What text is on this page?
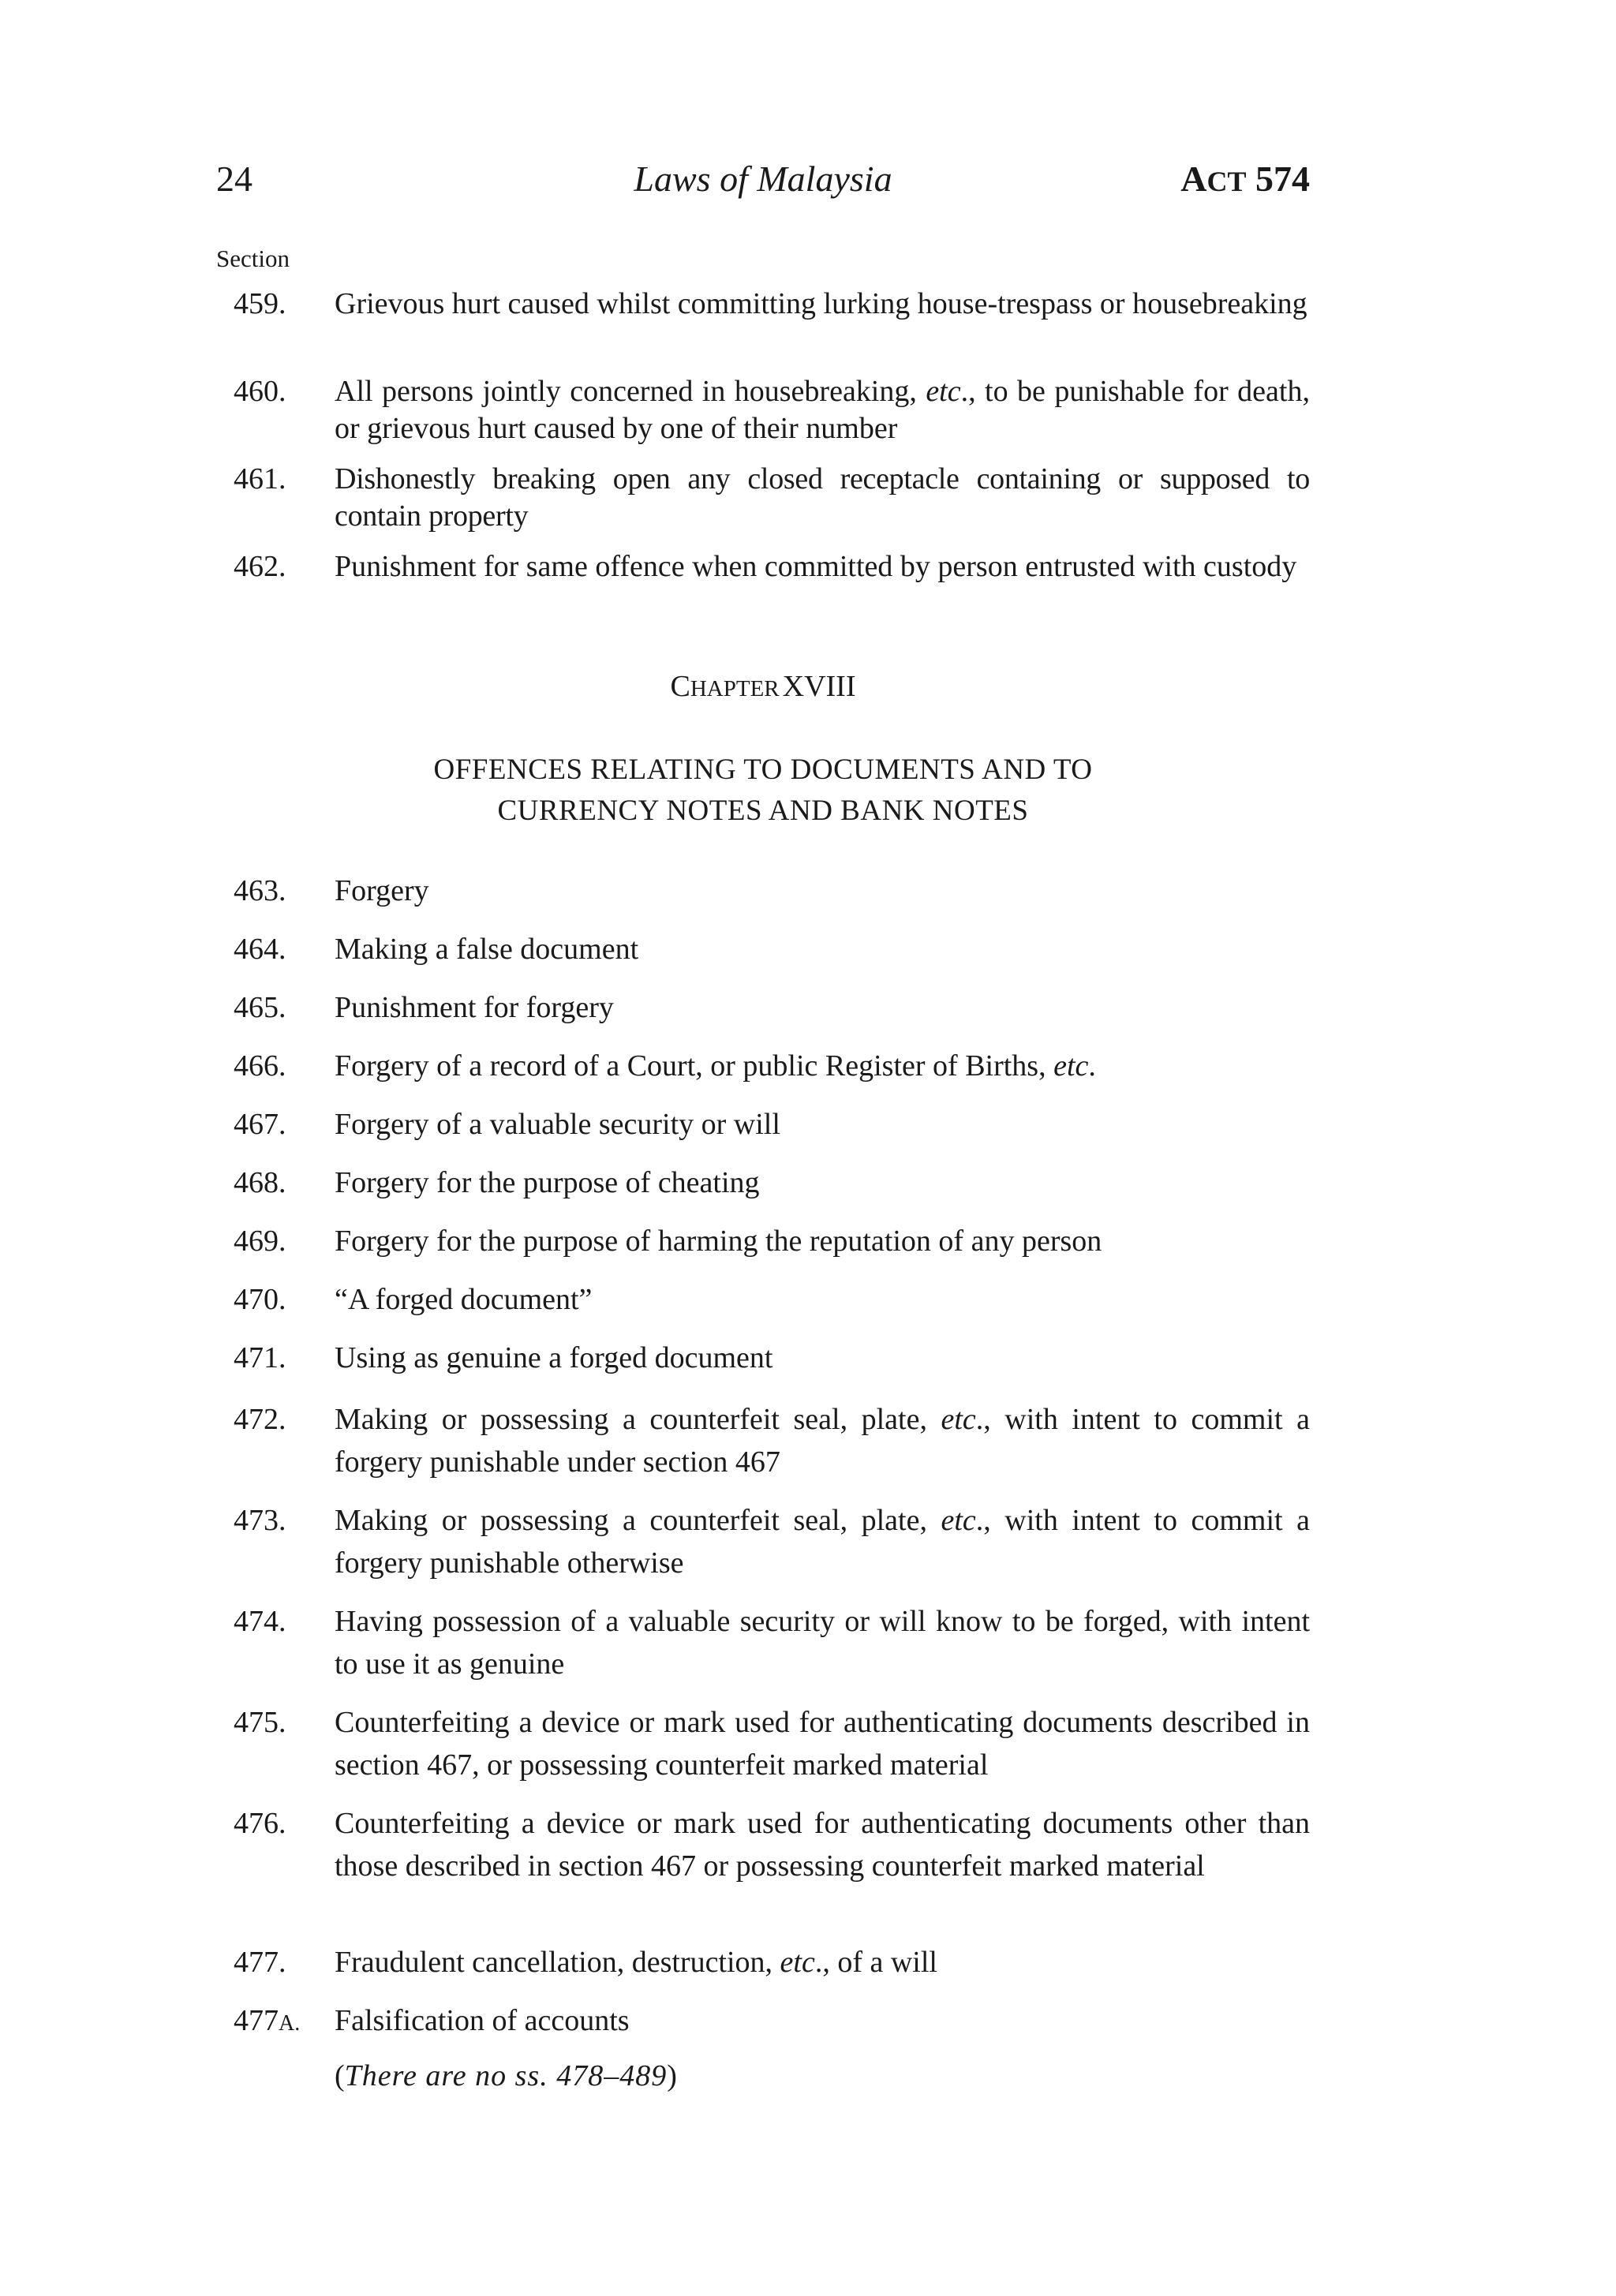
24	Laws of Malaysia	ACT 574
Section
459.	Grievous hurt caused whilst committing lurking house-trespass or housebreaking
460.	All persons jointly concerned in housebreaking, etc., to be punishable for death, or grievous hurt caused by one of their number
461.	Dishonestly breaking open any closed receptacle containing or supposed to contain property
462.	Punishment for same offence when committed by person entrusted with custody
CHAPTER XVIII
OFFENCES RELATING TO DOCUMENTS AND TO
CURRENCY NOTES AND BANK NOTES
463.	Forgery
464.	Making a false document
465.	Punishment for forgery
466.	Forgery of a record of a Court, or public Register of Births, etc.
467.	Forgery of a valuable security or will
468.	Forgery for the purpose of cheating
469.	Forgery for the purpose of harming the reputation of any person
470.	“A forged document”
471.	Using as genuine a forged document
472.	Making or possessing a counterfeit seal, plate, etc., with intent to commit a forgery punishable under section 467
473.	Making or possessing a counterfeit seal, plate, etc., with intent to commit a forgery punishable otherwise
474.	Having possession of a valuable security or will know to be forged, with intent to use it as genuine
475.	Counterfeiting a device or mark used for authenticating documents described in section 467, or possessing counterfeit marked material
476.	Counterfeiting a device or mark used for authenticating documents other than those described in section 467 or possessing counterfeit marked material
477.	Fraudulent cancellation, destruction, etc., of a will
477A.	Falsification of accounts
(There are no ss. 478–489)
